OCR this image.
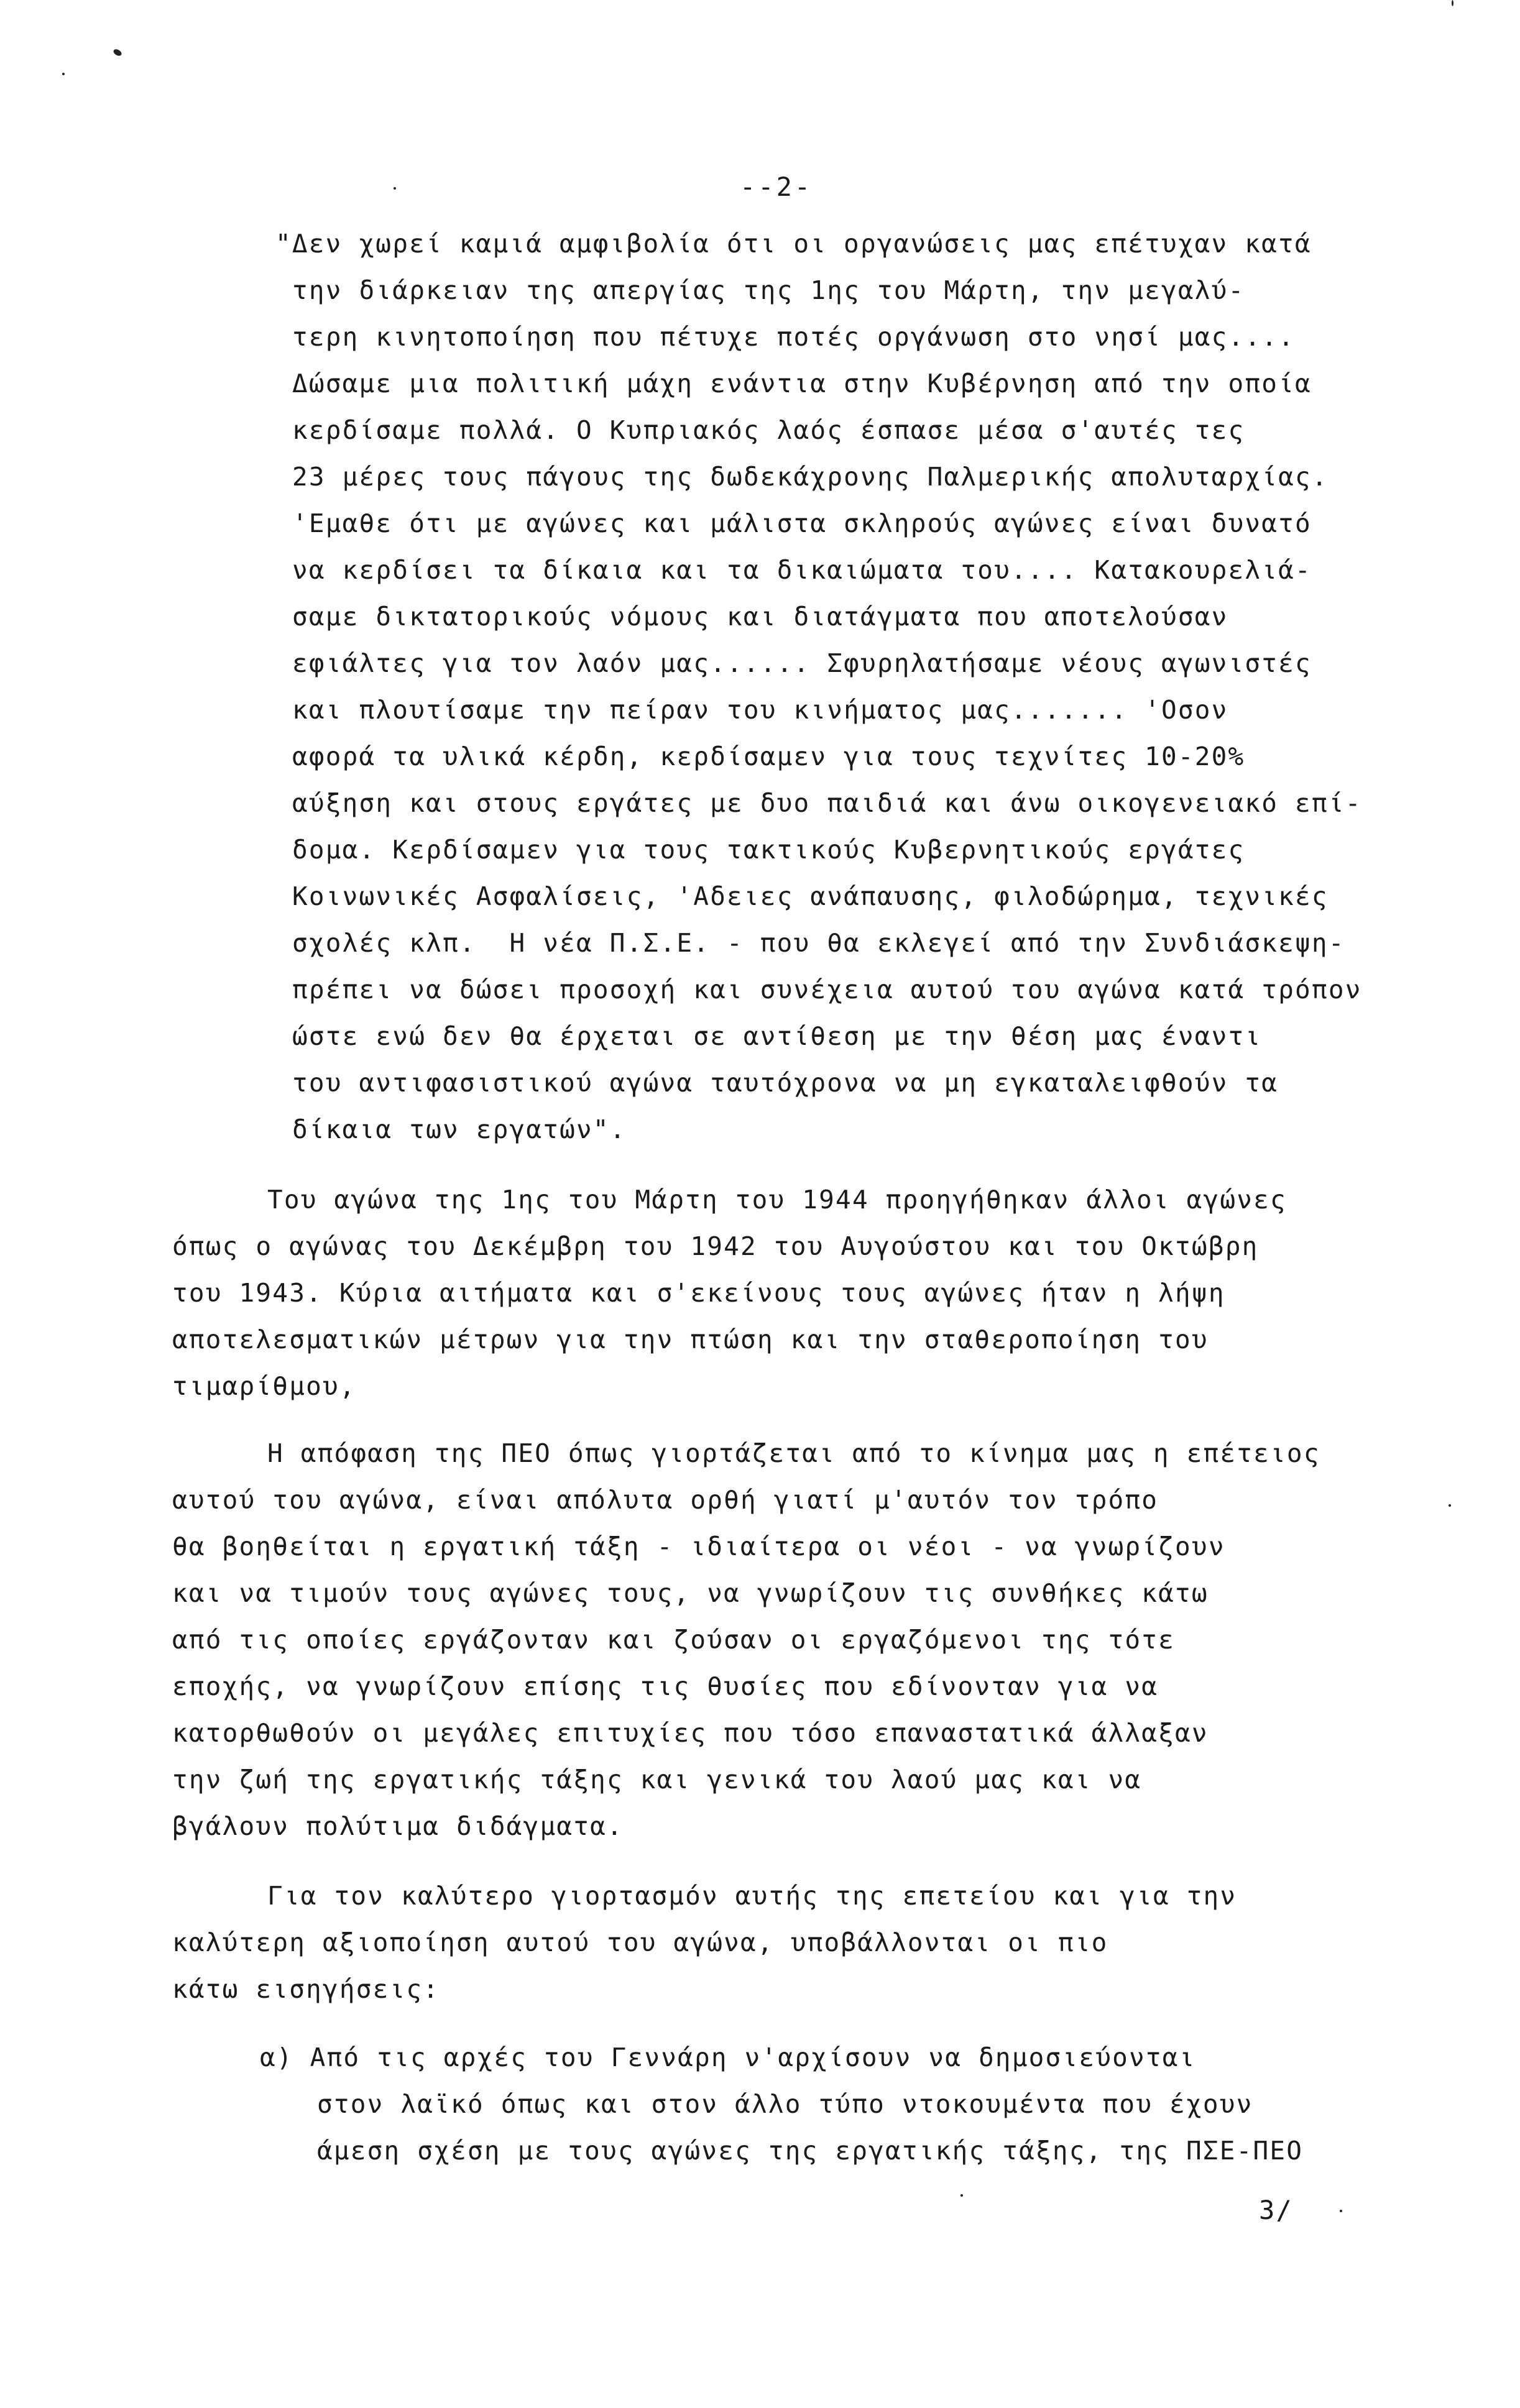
--2-
"Δεν χωρεί καμιά αμφιβολία ότι οι οργανώσεις μας επέτυχαν κατά
την διάρκειαν της απεργίας της 1ης του Μάρτη, την μεγαλύ-
τερη κινητοποίηση που πέτυχε ποτές οργάνωση στο νησί μας....
Δώσαμε μια πολιτική μάχη ενάντια στην Κυβέρνηση από την οποία
κερδίσαμε πολλά. Ο Κυπριακός λαός έσπασε μέσα σ'αυτές τες
23 μέρες τους πάγους της δωδεκάχρονης Παλμερικής απολυταρχίας.
'Εμαθε ότι με αγώνες και μάλιστα σκληρούς αγώνες είναι δυνατό
να κερδίσει τα δίκαια και τα δικαιώματα του.... Κατακουρελιά-
σαμε δικτατορικούς νόμους και διατάγματα που αποτελούσαν
εφιάλτες για τον λαόν μας...... Σφυρηλατήσαμε νέους αγωνιστές
και πλουτίσαμε την πείραν του κινήματος μας....... 'Οσον
αφορά τα υλικά κέρδη, κερδίσαμεν για τους τεχνίτες 10-20%
αύξηση και στους εργάτες με δυο παιδιά και άνω οικογενειακό επί-
δομα. Κερδίσαμεν για τους τακτικούς Κυβερνητικούς εργάτες
Κοινωνικές Ασφαλίσεις, 'Αδειες ανάπαυσης, φιλοδώρημα, τεχνικές
σχολές κλπ.  Η νέα Π.Σ.Ε. - που θα εκλεγεί από την Συνδιάσκεψη-
πρέπει να δώσει προσοχή και συνέχεια αυτού του αγώνα κατά τρόπον
ώστε ενώ δεν θα έρχεται σε αντίθεση με την θέση μας έναντι
του αντιφασιστικού αγώνα ταυτόχρονα να μη εγκαταλειφθούν τα
δίκαια των εργατών".
Του αγώνα της 1ης του Μάρτη του 1944 προηγήθηκαν άλλοι αγώνες
όπως ο αγώνας του Δεκέμβρη του 1942 του Αυγούστου και του Οκτώβρη
του 1943. Κύρια αιτήματα και σ'εκείνους τους αγώνες ήταν η λήψη
αποτελεσματικών μέτρων για την πτώση και την σταθεροποίηση του
τιμαρίθμου,
Η απόφαση της ΠΕΟ όπως γιορτάζεται από το κίνημα μας η επέτειος
αυτού του αγώνα, είναι απόλυτα ορθή γιατί μ'αυτόν τον τρόπο
θα βοηθείται η εργατική τάξη - ιδιαίτερα οι νέοι - να γνωρίζουν
και να τιμούν τους αγώνες τους, να γνωρίζουν τις συνθήκες κάτω
από τις οποίες εργάζονταν και ζούσαν οι εργαζόμενοι της τότε
εποχής, να γνωρίζουν επίσης τις θυσίες που εδίνονταν για να
κατορθωθούν οι μεγάλες επιτυχίες που τόσο επαναστατικά άλλαξαν
την ζωή της εργατικής τάξης και γενικά του λαού μας και να
βγάλουν πολύτιμα διδάγματα.
Για τον καλύτερο γιορτασμόν αυτής της επετείου και για την
καλύτερη αξιοποίηση αυτού του αγώνα, υποβάλλονται οι πιο
κάτω εισηγήσεις:
α) Από τις αρχές του Γεννάρη ν'αρχίσουν να δημοσιεύονται
στον λαϊκό όπως και στον άλλο τύπο ντοκουμέντα που έχουν
άμεση σχέση με τους αγώνες της εργατικής τάξης, της ΠΣΕ-ΠΕΟ
3/
